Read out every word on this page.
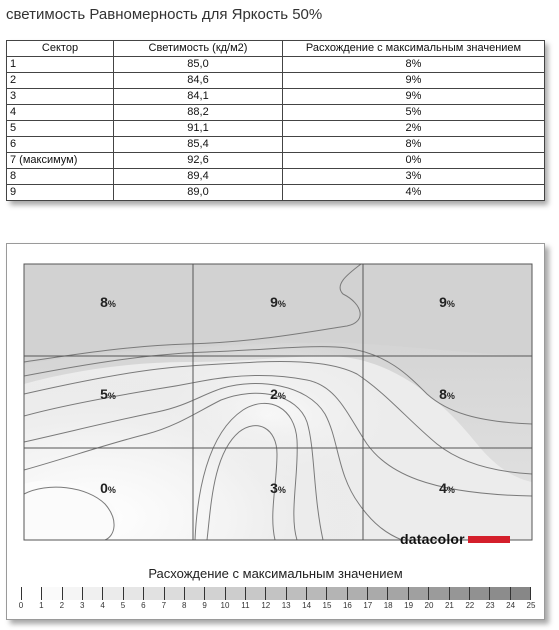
светимость Равномерность для Яркость 50%
Сектор	Светимость (кд/м2)	Расхождение с максимальным значением
1	85,0	8%
2	84,6	9%
3	84,1	9%
4	88,2	5%
5	91,1	2%
6	85,4	8%
7 (максимум)	92,6	0%
8	89,4	3%
9	89,0	4%
8%	9%	9%
5%	2%	8%
0%	3%	4%
datacolor
Расхождение с максимальным значением
0	1	2	3	4	5	6	7	8	9	10	11	12	13	14	15	16	17	18	19	20	21	22	23	24	25
